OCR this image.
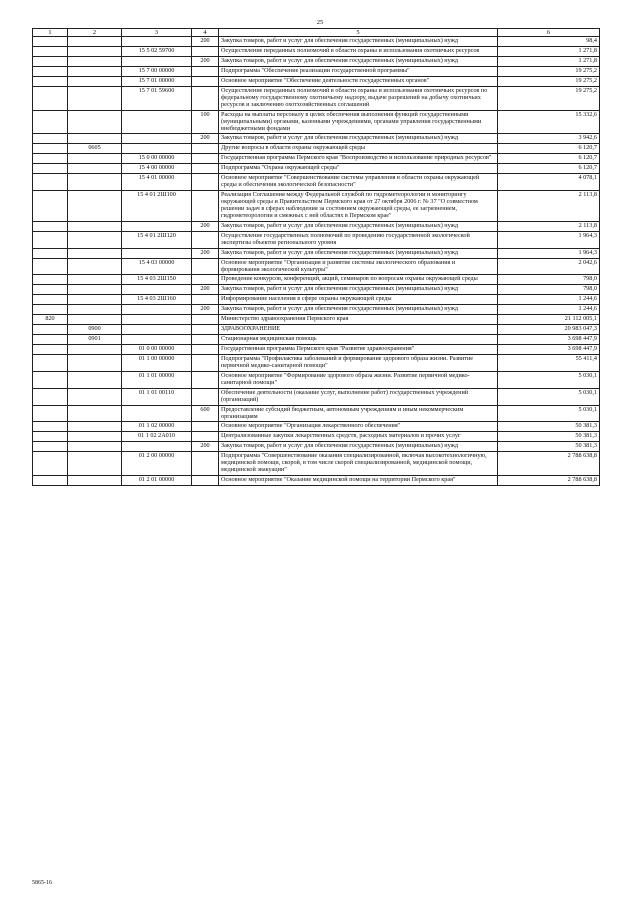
25
1	2	3	4	5	6
			200	Закупка товаров, работ и услуг для обеспечения государственных (муниципальных) нужд	98,4
		15 5 02 59700		Осуществление переданных полномочий в области охраны и использования охотничьих ресурсов	1 271,8
			200	Закупка товаров, работ и услуг для обеспечения государственных (муниципальных) нужд	1 271,8
		15 7 00 00000		Подпрограмма "Обеспечение реализации государственной программы"	19 275,2
		15 7 01 00000		Основное мероприятие "Обеспечение деятельности государственных органов"	19 275,2
		15 7 01 59600		Осуществление переданных полномочий в области охраны и использования охотничьих ресурсов по федеральному государственному охотничьему надзору, выдаче разрешений на добычу охотничьих ресурсов и заключению охотхозяйственных соглашений	19 275,2
			100	Расходы на выплаты персоналу в целях обеспечения выполнения функций государственными (муниципальными) органами, казенными учреждениями, органами управления государственными внебюджетными фондами	15 332,6
			200	Закупка товаров, работ и услуг для обеспечения государственных (муниципальных) нужд	3 942,6
	0605			Другие вопросы в области охраны окружающей среды	6 120,7
		15 0 00 00000		Государственная программа Пермского края "Воспроизводство и использование природных ресурсов"	6 120,7
		15 4 00 00000		Подпрограмма "Охрана окружающей среды"	6 120,7
		15 4 01 00000		Основное мероприятие "Совершенствование системы управления в области охраны окружающей среды и обеспечения экологической безопасности"	4 078,1
		15 4 01 2Ш100		Реализация Соглашения между Федеральной службой по гидрометеорологии и мониторингу окружающей среды и Правительством Пермского края от 27 октября 2006 г. № 37 "О совместном решении задач в сферах наблюдения за состоянием окружающей среды, ее загрязнением, гидрометеорологии и смежных с ней областях в Пермском крае"	2 113,8
			200	Закупка товаров, работ и услуг для обеспечения государственных (муниципальных) нужд	2 113,8
		15 4 01 2Ш120		Осуществление государственных полномочий по проведению государственной экологической экспертизы объектов регионального уровня	1 964,3
			200	Закупка товаров, работ и услуг для обеспечения государственных (муниципальных) нужд	1 964,3
		15 4 03 00000		Основное мероприятие "Организация и развитие системы экологического образования и формирования экологической культуры"	2 042,6
		15 4 03 2Ш150		Проведение конкурсов, конференций, акций, семинаров по вопросам охраны окружающей среды	798,0
			200	Закупка товаров, работ и услуг для обеспечения государственных (муниципальных) нужд	798,0
		15 4 03 2Ш160		Информирование населения в сфере охраны окружающей среды	1 244,6
			200	Закупка товаров, работ и услуг для обеспечения государственных (муниципальных) нужд	1 244,6
820				Министерство здравоохранения Пермского края	21 112 005,1
	0900			ЗДРАВООХРАНЕНИЕ	20 983 047,3
	0901			Стационарная медицинская помощь	3 698 447,9
		01 0 00 00000		Государственная программа Пермского края "Развитие здравоохранения"	3 698 447,9
		01 1 00 00000		Подпрограмма "Профилактика заболеваний и формирование здорового образа жизни. Развитие первичной медико-санитарной помощи"	55 411,4
		01 1 01 00000		Основное мероприятие "Формирование здорового образа жизни. Развитие первичной медико-санитарной помощи"	5 030,1
		01 1 01 00110		Обеспечение деятельности (оказание услуг, выполнение работ) государственных учреждений (организаций)	5 030,1
			600	Предоставление субсидий бюджетным, автономным учреждениям и иным некоммерческим организациям	5 030,1
		01 1 02 00000		Основное мероприятие "Организация лекарственного обеспечения"	50 381,3
		01 1 02 2A010		Централизованные закупки лекарственных средств, расходных материалов и прочих услуг	50 381,3
			200	Закупка товаров, работ и услуг для обеспечения государственных (муниципальных) нужд	50 381,3
		01 2 00 00000		Подпрограмма "Совершенствование оказания специализированной, включая высокотехнологичную, медицинской помощи, скорой, в том числе скорой специализированной, медицинской помощи, медицинской эвакуации"	2 788 638,8
		01 2 01 00000		Основное мероприятие "Оказание медицинской помощи на территории Пермского края"	2 788 638,8
5865-16
